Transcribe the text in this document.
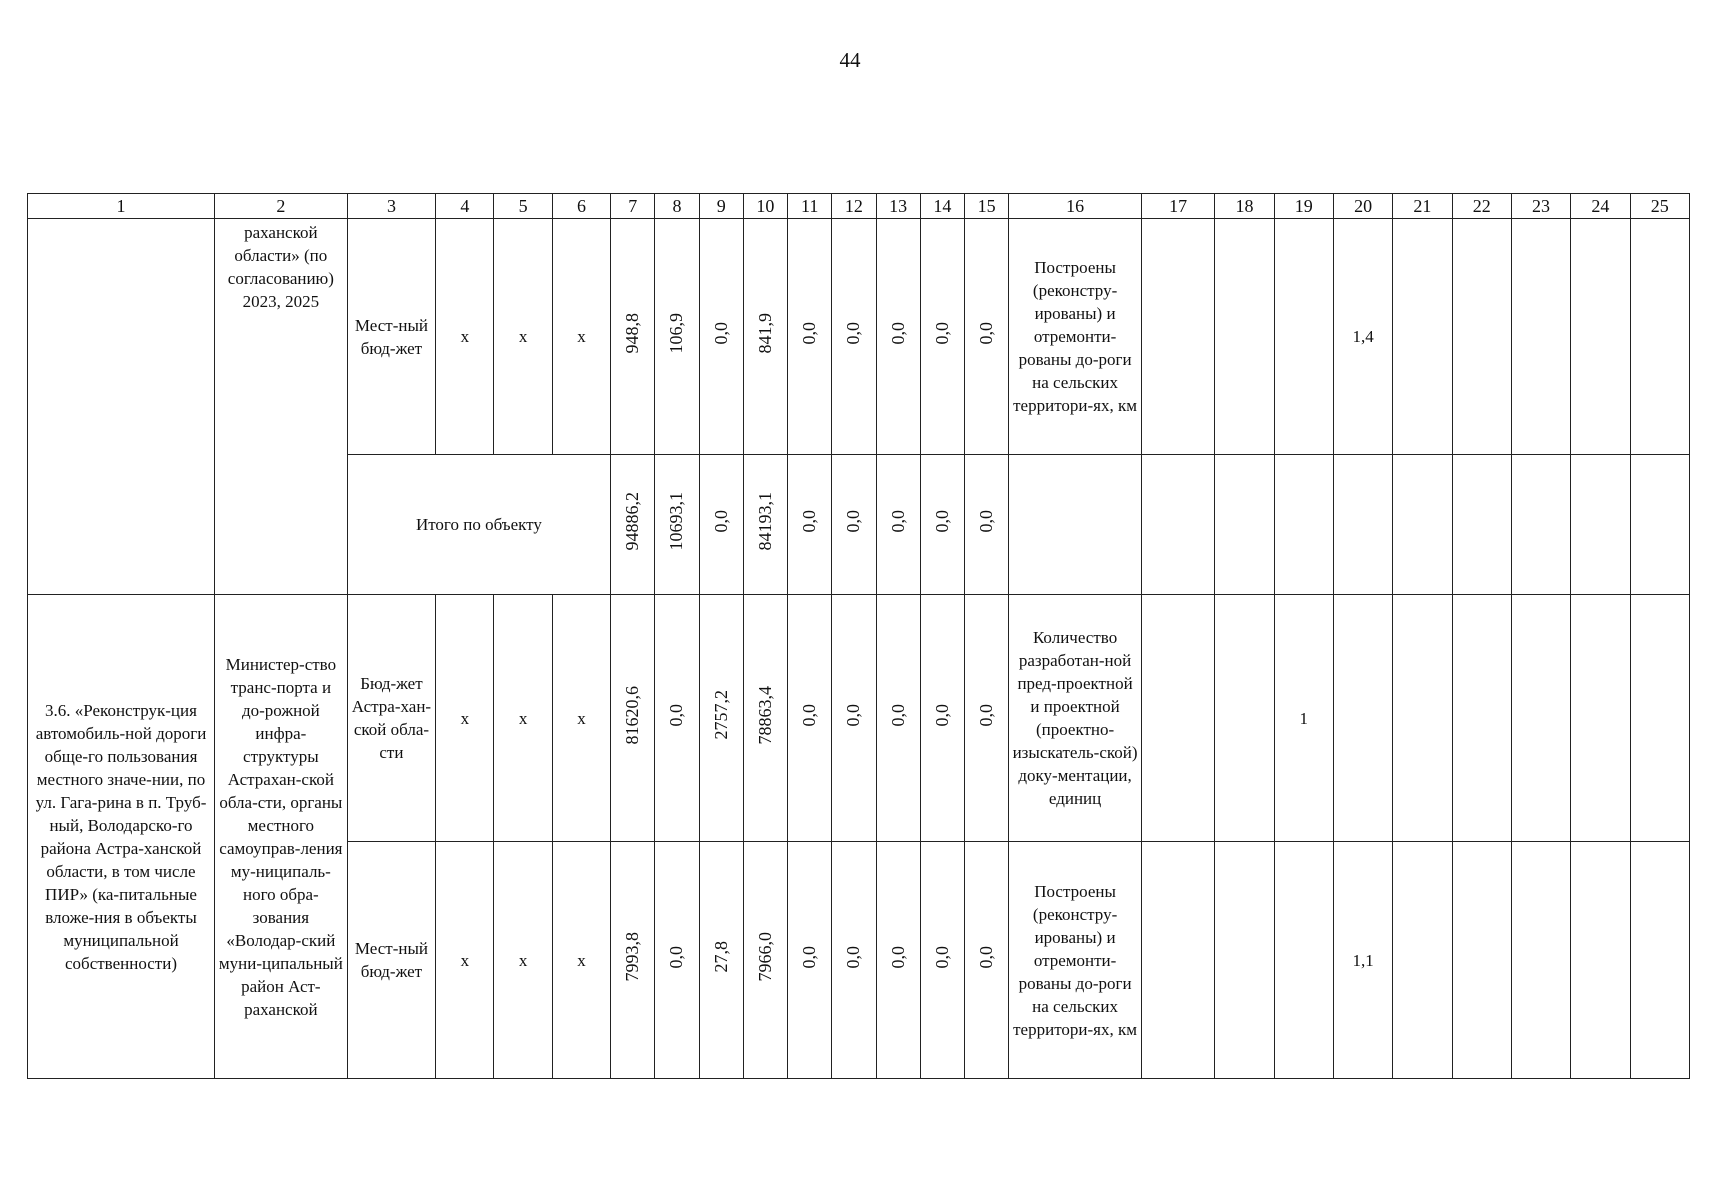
44
1	2	3	4	5	6	7	8	9	10	11	12	13	14	15	16	17	18	19	20	21	22	23	24	25
	раханской области» (по согласованию) 2023, 2025	Мест-ный бюд-жет	x	x	x	948,8	106,9	0,0	841,9	0,0	0,0	0,0	0,0	0,0	Построены (реконстру-ированы) и отремонти-рованы до-роги на сельских территори-ях, км				1,4					
		Итого по объекту				94886,2	10693,1	0,0	84193,1	0,0	0,0	0,0	0,0	0,0										
3.6. «Реконструк-ция автомобиль-ной дороги обще-го пользования местного значе-нии, по ул. Гага-рина в п. Труб-ный, Володарско-го района Астра-ханской области, в том числе ПИР» (ка-питальные вложе-ния в объекты муниципальной собственности)	Министер-ство транс-порта и до-рожной инфра-структуры Астрахан-ской обла-сти, органы местного самоуправ-ления му-ниципаль-ного обра-зования «Володар-ский муни-ципальный район Аст-раханской	Бюд-жет Астра-хан-ской обла-сти	x	x	x	81620,6	0,0	2757,2	78863,4	0,0	0,0	0,0	0,0	0,0	Количество разработан-ной пред-проектной и проектной (проектно-изыскатель-ской) доку-ментации, единиц			1						
		Мест-ный бюд-жет	x	x	x	7993,8	0,0	27,8	7966,0	0,0	0,0	0,0	0,0	0,0	Построены (реконстру-ированы) и отремонти-рованы до-роги на сельских территори-ях, км				1,1					
